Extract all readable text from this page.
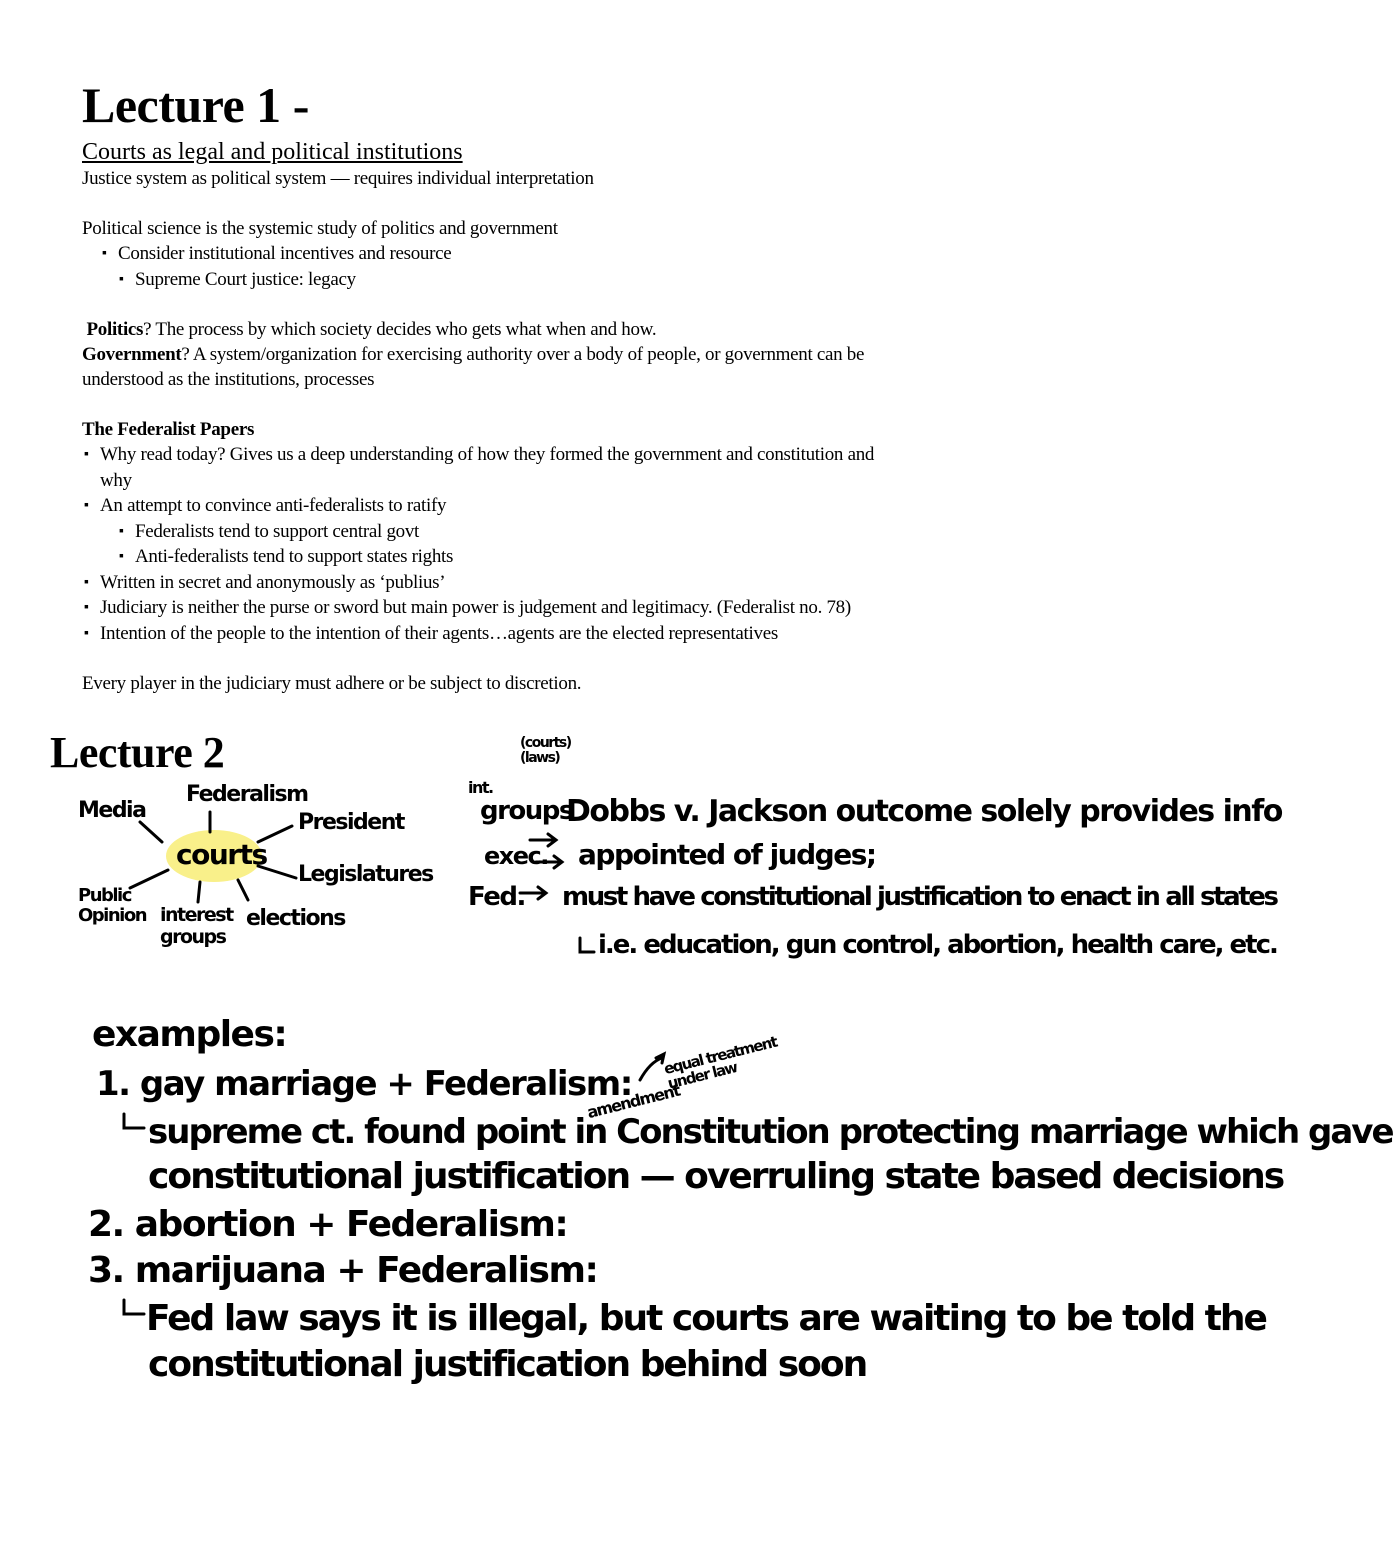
Lecture 1 -
Courts as legal and political institutions
Justice system as political system — requires individual interpretation
Political science is the systemic study of politics and government
▪ Consider institutional incentives and resource
▪ Supreme Court justice: legacy
Politics? The process by which society decides who gets what when and how.
Government? A system/organization for exercising authority over a body of people, or government can be
understood as the institutions, processes
The Federalist Papers
▪ Why read today? Gives us a deep understanding of how they formed the government and constitution and
why
▪ An attempt to convince anti-federalists to ratify
▪ Federalists tend to support central govt
▪ Anti-federalists tend to support states rights
▪ Written in secret and anonymously as ‘publius’
▪ Judiciary is neither the purse or sword but main power is judgement and legitimacy. (Federalist no. 78)
▪ Intention of the people to the intention of their agents…agents are the elected representatives
Every player in the judiciary must adhere or be subject to discretion.
Lecture 2
courts
Media
Federalism
President
Legislatures
elections
interest groups
Public Opinion
(courts) (laws)
int.
groups
Dobbs v. Jackson outcome solely provides info
exec. appointed of judges;
Fed. must have constitutional justification to enact in all states
i.e. education, gun control, abortion, health care, etc.
examples:
1. gay marriage + Federalism:
amendment
equal treatment under law
supreme ct. found point in Constitution protecting marriage which gave
constitutional justification — overruling state based decisions
2. abortion + Federalism:
3. marijuana + Federalism:
Fed law says it is illegal, but courts are waiting to be told the
constitutional justification behind soon
